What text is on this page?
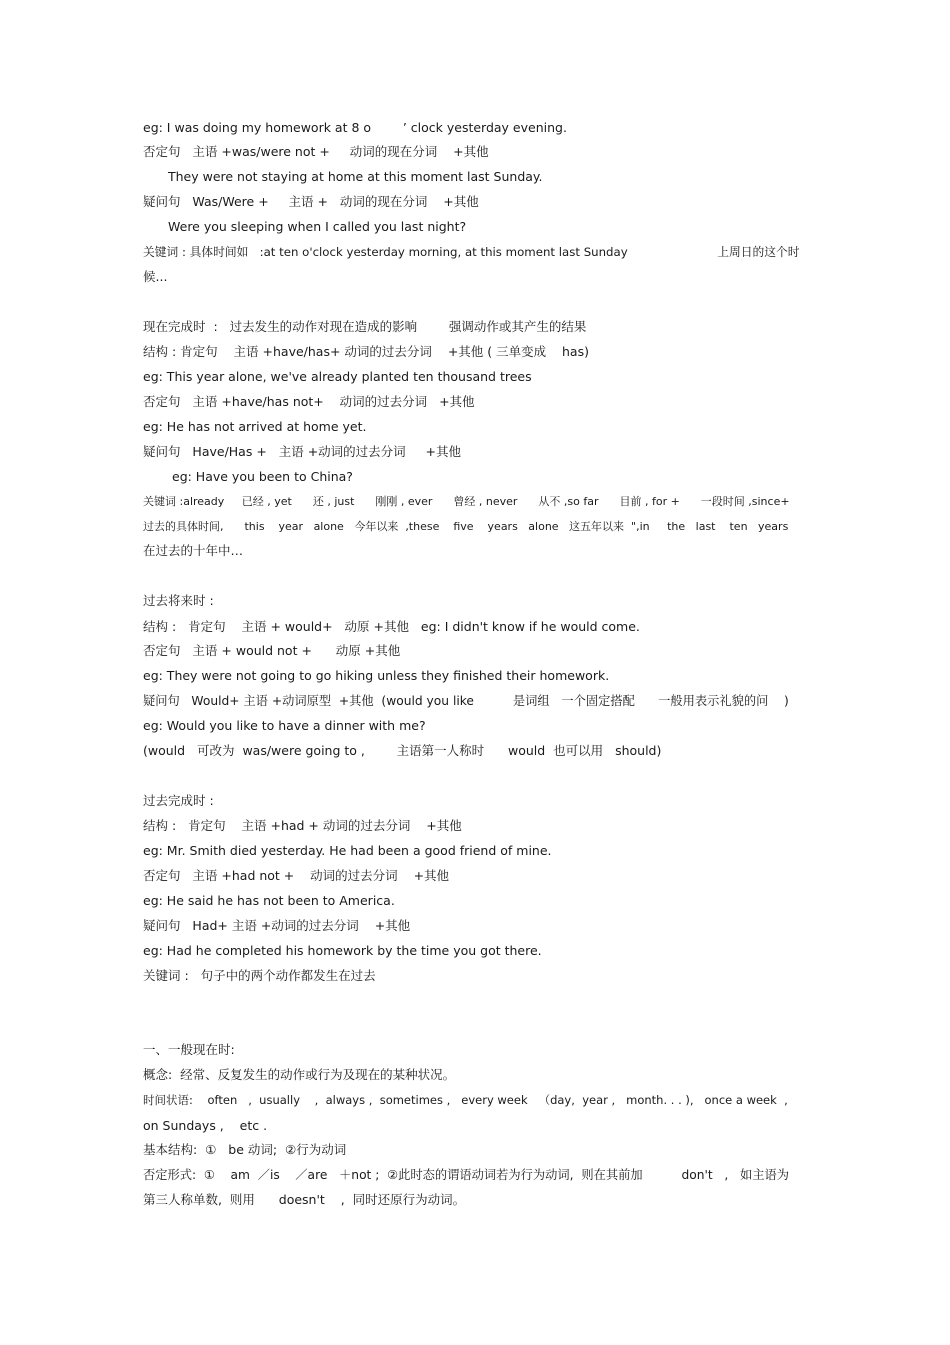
eg: I was doing my homework at 8 o        ’ clock yesterday evening.
否定句   主语 +was/were not +     动词的现在分词    +其他
They were not staying at home at this moment last Sunday.
疑问句   Was/Were +     主语 +   动词的现在分词    +其他
Were you sleeping when I called you last night?
关键词 : 具体时间如   :at ten o'clock yesterday morning, at this moment last Sunday                        上周日的这个时
候...
现在完成时  :   过去发生的动作对现在造成的影响        强调动作或其产生的结果
结构 : 肯定句    主语 +have/has+ 动词的过去分词    +其他 ( 三单变成    has)
eg: This year alone, we've already planted ten thousand trees
否定句   主语 +have/has not+    动词的过去分词   +其他
eg: He has not arrived at home yet.
疑问句   Have/Has +   主语 +动词的过去分词     +其他
eg: Have you been to China?
关键词 :already     已经 , yet      还 , just      刚刚 , ever      曾经 , never      从不 ,so far      目前 , for +      一段时间 ,since+
过去的具体时间,      this    year   alone   今年以来  ,these    five    years   alone   这五年以来  ",in     the   last    ten   years
在过去的十年中…
过去将来时 :
结构 :   肯定句    主语 + would+   动原 +其他   eg: I didn't know if he would come.
否定句   主语 + would not +      动原 +其他
eg: They were not going to go hiking unless they finished their homework.
疑问句   Would+ 主语 +动词原型  +其他  (would you like          是词组   一个固定搭配      一般用表示礼貌的问    )
eg: Would you like to have a dinner with me?
(would   可改为  was/were going to ,        主语第一人称时      would  也可以用   should)
过去完成时 :
结构 :   肯定句    主语 +had + 动词的过去分词    +其他
eg: Mr. Smith died yesterday. He had been a good friend of mine.
否定句   主语 +had not +    动词的过去分词    +其他
eg: He said he has not been to America.
疑问句   Had+ 主语 +动词的过去分词    +其他
eg: Had he completed his homework by the time you got there.
关键词 :   句子中的两个动作都发生在过去
一、一般现在时:
概念:  经常、反复发生的动作或行为及现在的某种状况。
时间状语:    often   ,  usually    ,  always ,  sometimes ,   every week   （day,  year ,   month. . . ),   once a week  ,
on Sundays ,    etc .
基本结构:  ①   be 动词;  ②行为动词
否定形式:  ①    am  ／is    ／are   ＋not ;  ②此时态的谓语动词若为行为动词,  则在其前加          don't   ,   如主语为
第三人称单数,  则用      doesn't    ,  同时还原行为动词。
